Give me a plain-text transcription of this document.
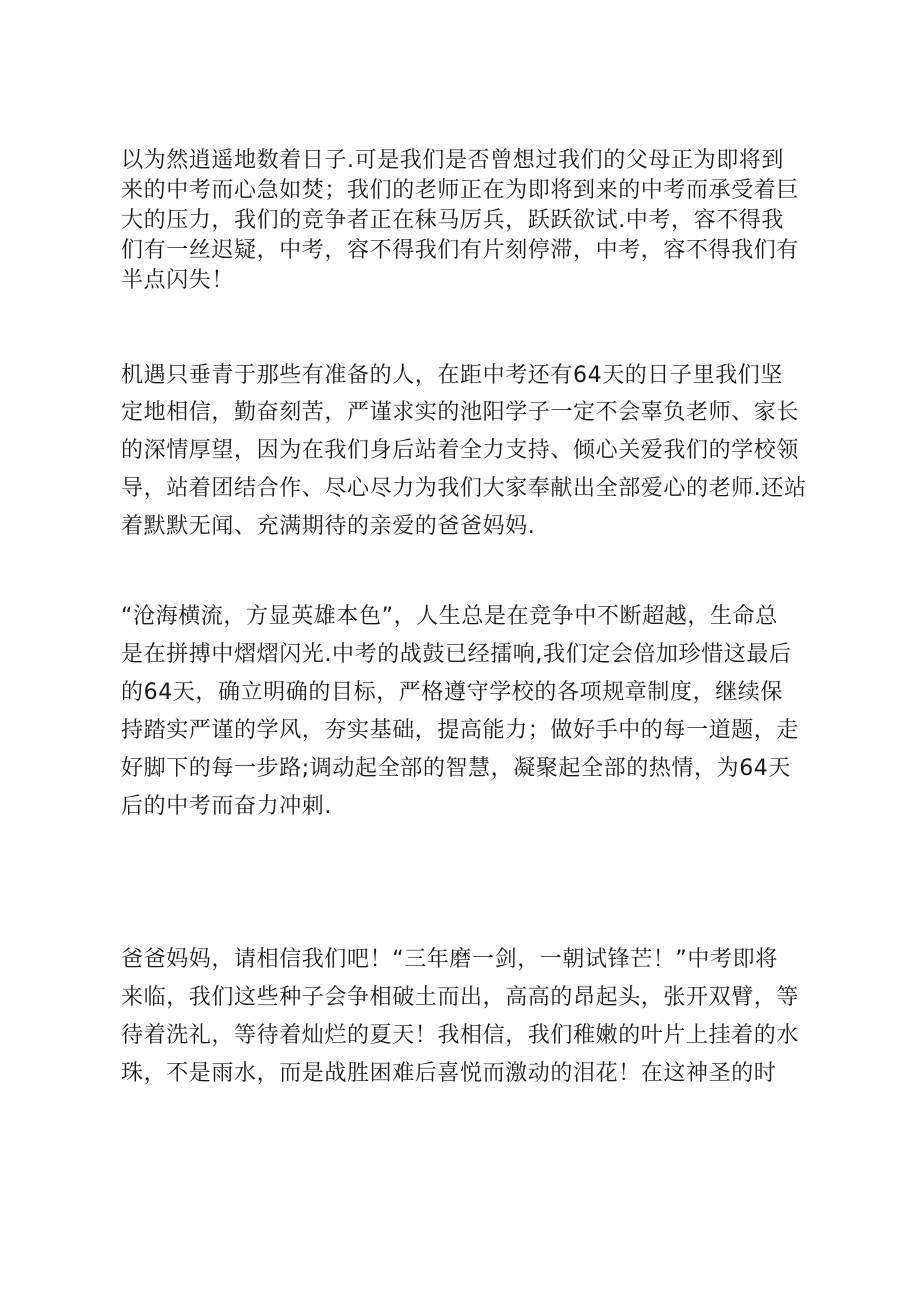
以为然逍遥地数着日子.可是我们是否曾想过我们的父母正为即将到
来的中考而心急如焚；我们的老师正在为即将到来的中考而承受着巨
大的压力，我们的竞争者正在秣马厉兵，跃跃欲试.中考，容不得我
们有一丝迟疑，中考，容不得我们有片刻停滞，中考，容不得我们有
半点闪失！
机遇只垂青于那些有准备的人，在距中考还有64天的日子里我们坚
定地相信，勤奋刻苦，严谨求实的池阳学子一定不会辜负老师、家长
的深情厚望，因为在我们身后站着全力支持、倾心关爱我们的学校领
导，站着团结合作、尽心尽力为我们大家奉献出全部爱心的老师.还站
着默默无闻、充满期待的亲爱的爸爸妈妈.
“沧海横流，方显英雄本色”，人生总是在竞争中不断超越，生命总
是在拼搏中熠熠闪光.中考的战鼓已经擂响,我们定会倍加珍惜这最后
的64天，确立明确的目标，严格遵守学校的各项规章制度，继续保
持踏实严谨的学风，夯实基础，提高能力；做好手中的每一道题，走
好脚下的每一步路;调动起全部的智慧，凝聚起全部的热情，为64天
后的中考而奋力冲刺.
爸爸妈妈，请相信我们吧！“三年磨一剑，一朝试锋芒！”中考即将
来临，我们这些种子会争相破土而出，高高的昂起头，张开双臂，等
待着洗礼，等待着灿烂的夏天！我相信，我们稚嫩的叶片上挂着的水
珠，不是雨水，而是战胜困难后喜悦而激动的泪花！在这神圣的时
